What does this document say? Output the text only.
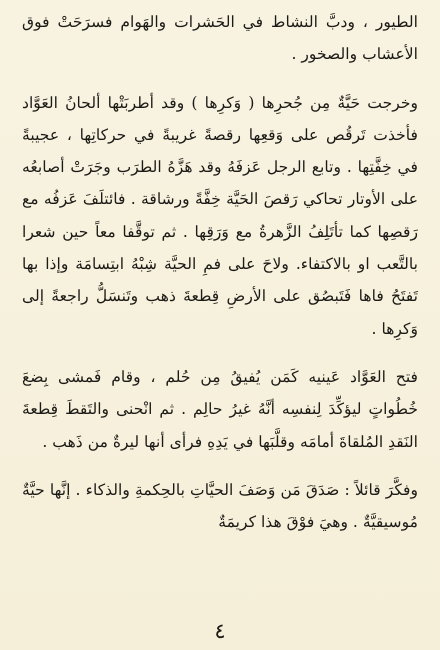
الطيور ، ودبَّ النشاط في الحَشرات والهَوام فسرَحَتْ فوق الأعشاب والصخور .

وخرجت حَيَّةٌ مِن جُحرِها ( وَكرِها ) وقد أطربَتْها ألحانُ العَوَّاد فأخذت تَرقُص على وَقعِها رقصةً غريبةً في حركاتِها ، عجيبةً في خِفَّتِها . وتابع الرجل عَزفَهُ وقد هَزَّهُ الطرَب وجَرَتْ أصابعُه على الأوتار تحاكي رَقصَ الحَيَّة خِفَّةً ورشاقة . فائتلَفَ عَزفُه مع رَقصِها كما تأتَلِفُ الزَّهرةُ مع وَرَقِها . ثم توقَّفا معاً حين شعرا بالتَّعب او بالاكتفاء. ولاحَ على فمِ الحيَّة شِبْهُ ابتِسامَة وإذا بها تَفتَحُ فاها فَتَبصُق على الأرضِ قِطعةَ ذهب وتَنسَلُّ راجعةً إلى وَكرِها .

فتح العَوَّاد عَينيه كَمَن يُفيقُ مِن حُلم ، وقام فَمشى بِضعَ خُطُواتٍ ليؤكِّدَ لِنفسِه أنَّهُ غيرُ حالِم . ثم انْحنى والتَقطَ قِطعةَ النَقدِ المُلقاةَ أمامَه وقلَّبَها في يَدِهِ فرأى أنها ليرةٌ من ذَهب .

وفكَّرَ قائلاً : صَدَقَ مَن وَصَفَ الحيَّاتِ بالحِكمةِ والذكاء . إنَّها حيَّةٌ مُوسيقيَّةٌ . وهيَ فوْقَ هذا كريمَةٌ

٤
